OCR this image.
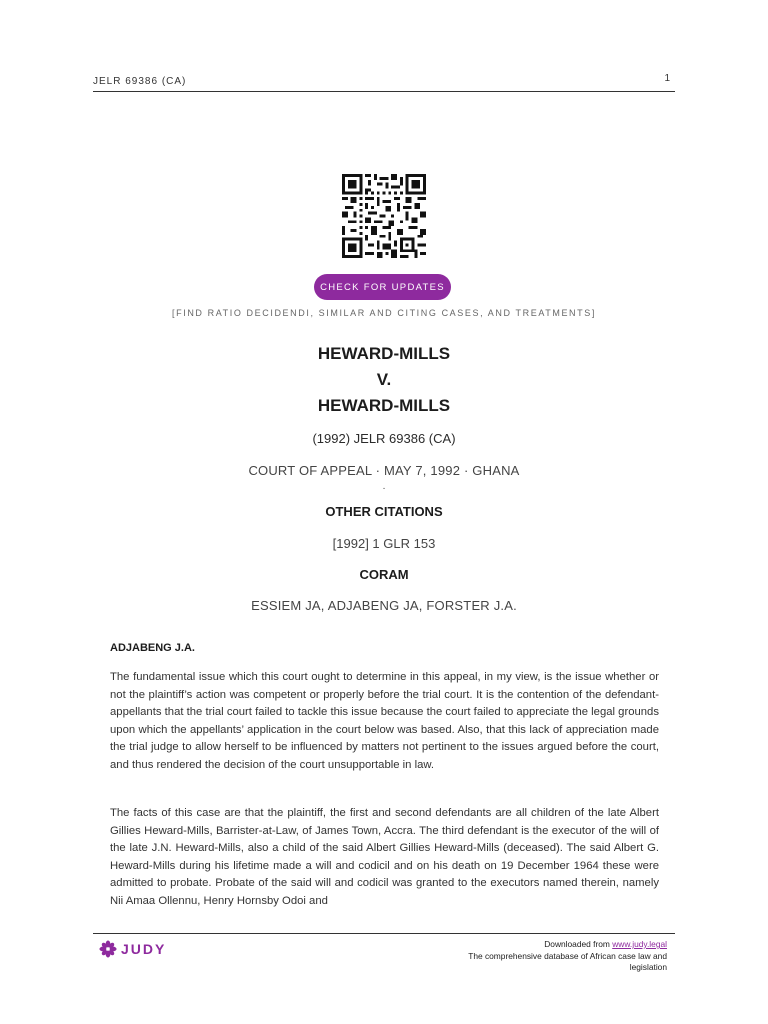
JELR 69386 (CA)	1
CHECK FOR UPDATES
[FIND RATIO DECIDENDI, SIMILAR AND CITING CASES, AND TREATMENTS]
HEWARD-MILLS
V.
HEWARD-MILLS
(1992) JELR 69386 (CA)
COURT OF APPEAL · MAY 7, 1992 · GHANA
·
OTHER CITATIONS
[1992] 1 GLR 153
CORAM
ESSIEM JA, ADJABENG JA, FORSTER J.A.
ADJABENG J.A.

The fundamental issue which this court ought to determine in this appeal, in my view, is the issue whether or not the plaintiff’s action was competent or properly before the trial court. It is the contention of the defendant-appellants that the trial court failed to tackle this issue because the court failed to appreciate the legal grounds upon which the appellants’ application in the court below was based. Also, that this lack of appreciation made the trial judge to allow herself to be influenced by matters not pertinent to the issues argued before the court, and thus rendered the decision of the court unsupportable in law.

The facts of this case are that the plaintiff, the first and second defendants are all children of the late Albert Gillies Heward-Mills, Barrister-at-Law, of James Town, Accra. The third defendant is the executor of the will of the late J.N. Heward-Mills, also a child of the said Albert Gillies Heward-Mills (deceased). The said Albert G. Heward-Mills during his lifetime made a will and codicil and on his death on 19 December 1964 these were admitted to probate. Probate of the said will and codicil was granted to the executors named therein, namely Nii Amaa Ollennu, Henry Hornsby Odoi and

JUDY	Downloaded from www.judy.legal
The comprehensive database of African case law and
legislation
